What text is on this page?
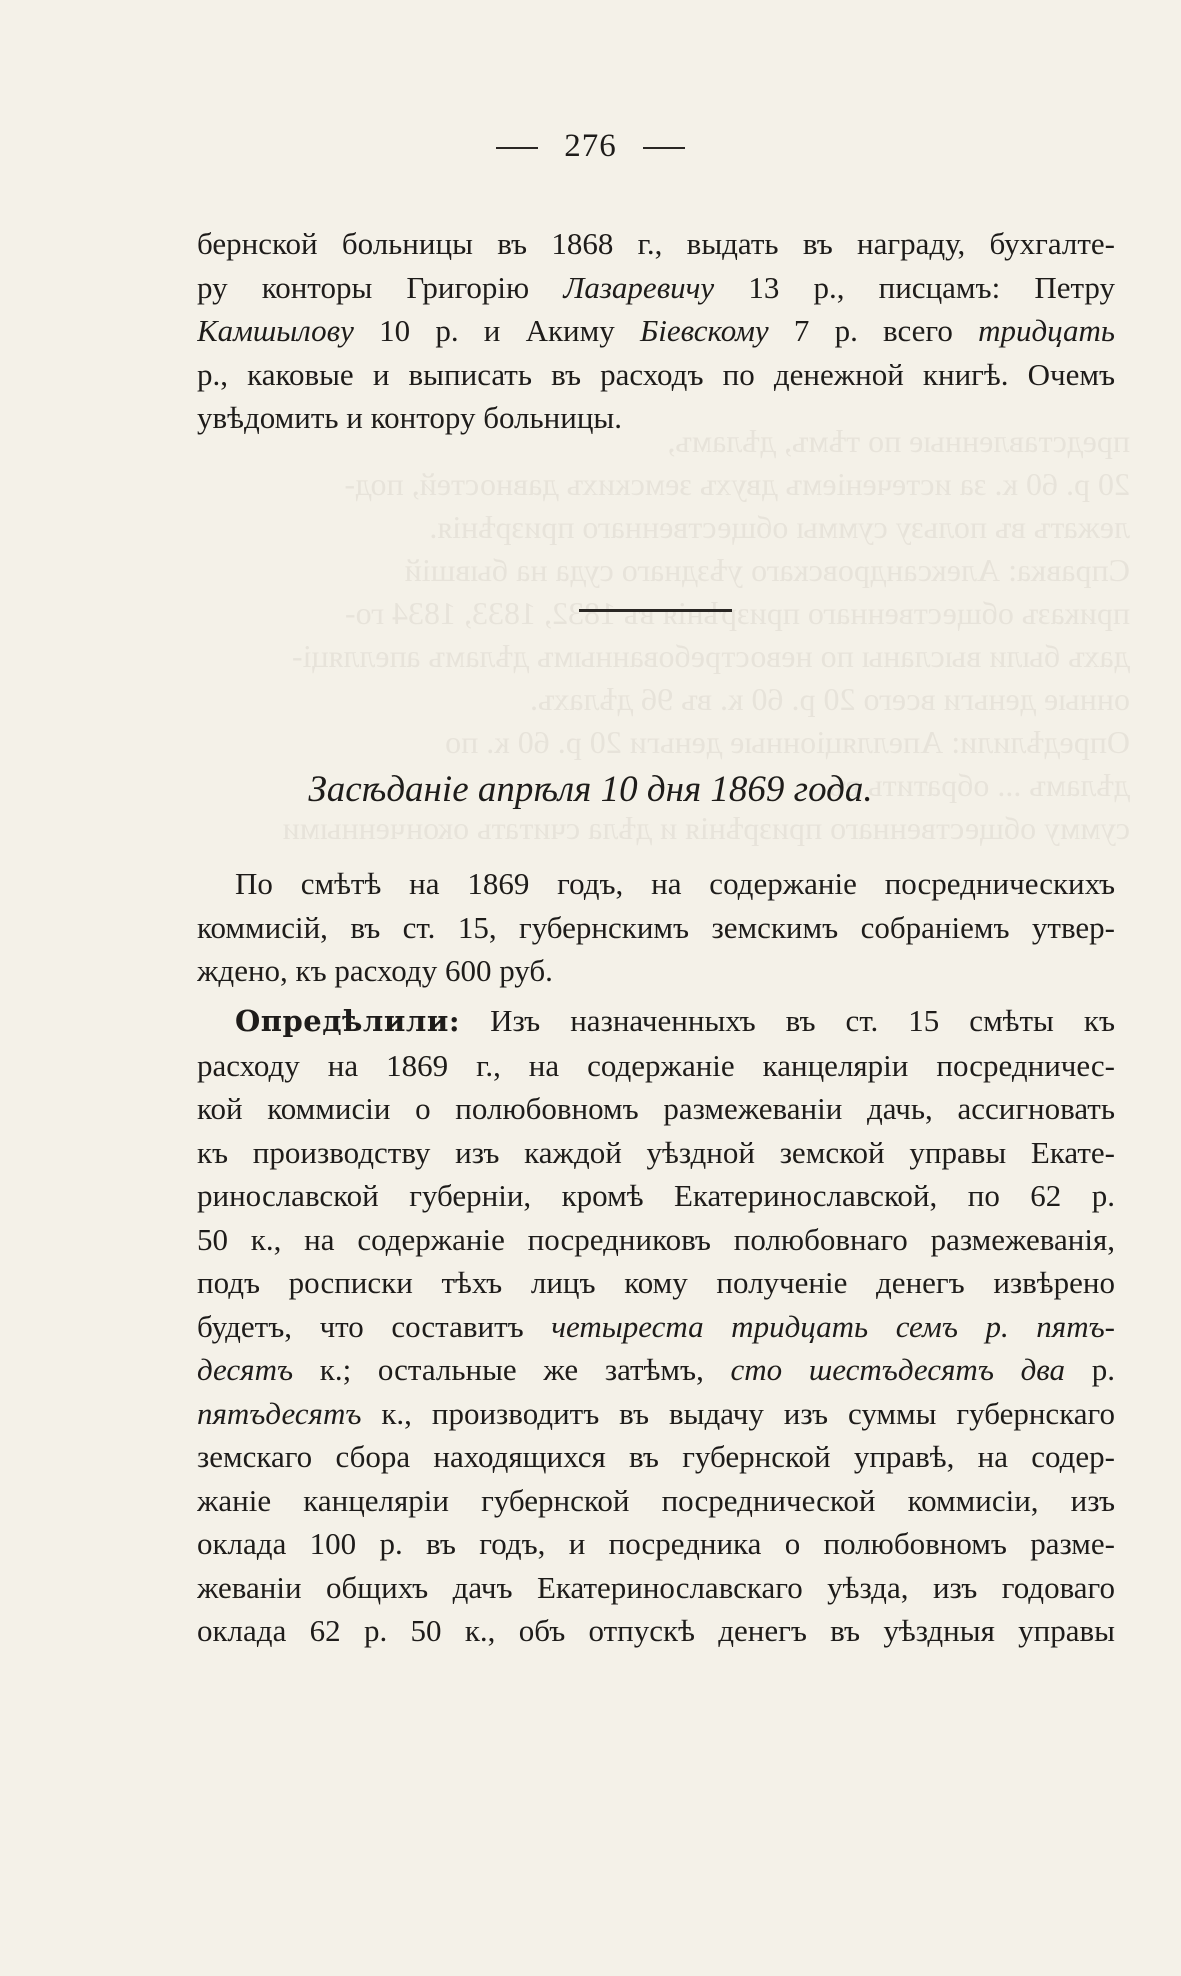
представленные по тѣмъ, дѣламъ,
20 р. 60 к. за истеченіемъ двухъ земскихъ давностей, под-
лежатъ въ пользу суммы общественнаго призрѣнія.
Справка: Александровскаго уѣзднаго суда на бывшій
приказъ общественнаго призрѣнія въ 1832, 1833, 1834 го-
дахъ были высланы по невостребованнымъ дѣламъ апелляці-
онные деньги всего 20 р. 60 к. въ 96 дѣлахъ.
Опредѣлили: Апелляціонные деньги 20 р. 60 к. по
дѣламъ ... обратить въ
сумму общественнаго призрѣнія и дѣла считать оконченными
276
бернской больницы въ 1868 г., выдать въ награду, бухгалте-
ру конторы Григорію Лазаревичу 13 р., писцамъ: Петру
Камшылову 10 р. и Акиму Біевскому 7 р. всего тридцать
р., каковые и выписать въ расходъ по денежной книгѣ. Очемъ
увѣдомить и контору больницы.
Засѣданіе апрѣля 10 дня 1869 года.
По смѣтѣ на 1869 годъ, на содержаніе посредническихъ
коммисій, въ ст. 15, губернскимъ земскимъ собраніемъ утвер-
ждено, къ расходу 600 руб.
Опредѣлили: Изъ назначенныхъ въ ст. 15 смѣты къ
расходу на 1869 г., на содержаніе канцеляріи посредничес-
кой коммисіи о полюбовномъ размежеваніи дачь, ассигновать
къ производству изъ каждой уѣздной земской управы Екате-
ринославской губерніи, кромѣ Екатеринославской, по 62 р.
50 к., на содержаніе посредниковъ полюбовнаго размежеванія,
подъ росписки тѣхъ лицъ кому полученіе денегъ извѣрено
будетъ, что составитъ четыреста тридцать семъ р. пятъ-
десятъ к.; остальные же затѣмъ, сто шестъдесятъ два р.
пятъдесятъ к., производитъ въ выдачу изъ суммы губернскаго
земскаго сбора находящихся въ губернской управѣ, на содер-
жаніе канцеляріи губернской посреднической коммисіи, изъ
оклада 100 р. въ годъ, и посредника о полюбовномъ разме-
жеваніи общихъ дачъ Екатеринославскаго уѣзда, изъ годоваго
оклада 62 р. 50 к., объ отпускѣ денегъ въ уѣздныя управы
